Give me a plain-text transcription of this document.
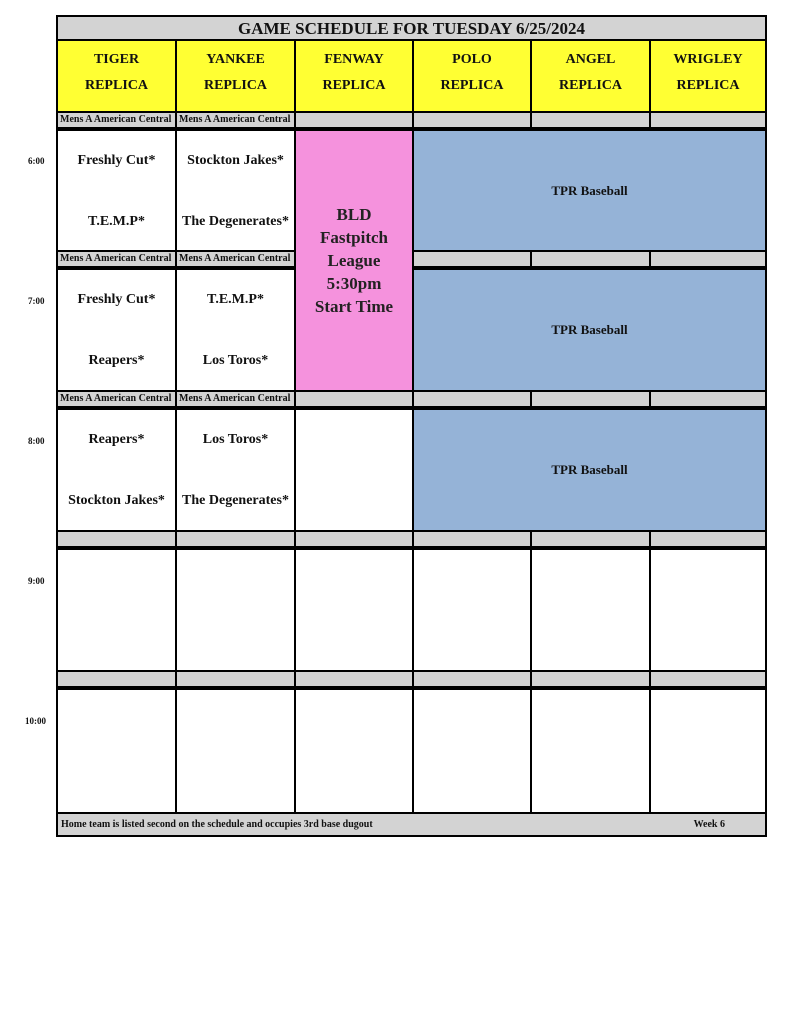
GAME SCHEDULE FOR TUESDAY 6/25/2024
TIGER
REPLICA
YANKEE
REPLICA
FENWAY
REPLICA
POLO
REPLICA
ANGEL
REPLICA
WRIGLEY
REPLICA
Mens A American Central Mens A American Central
Freshly Cut*
T.E.M.P*
Stockton Jakes*
The Degenerates*
TPR Baseball
Mens A American Central Mens A American Central
Freshly Cut*
Reapers*
T.E.M.P*
Los Toros*
TPR Baseball
BLD
Fastpitch
League
5:30pm
Start Time
Mens A American Central Mens A American Central
Reapers*
Stockton Jakes*
Los Toros*
The Degenerates*
TPR Baseball
Home team is listed second on the schedule and occupies 3rd base dugout	Week 6
6:00
7:00
8:00
9:00
10:00
